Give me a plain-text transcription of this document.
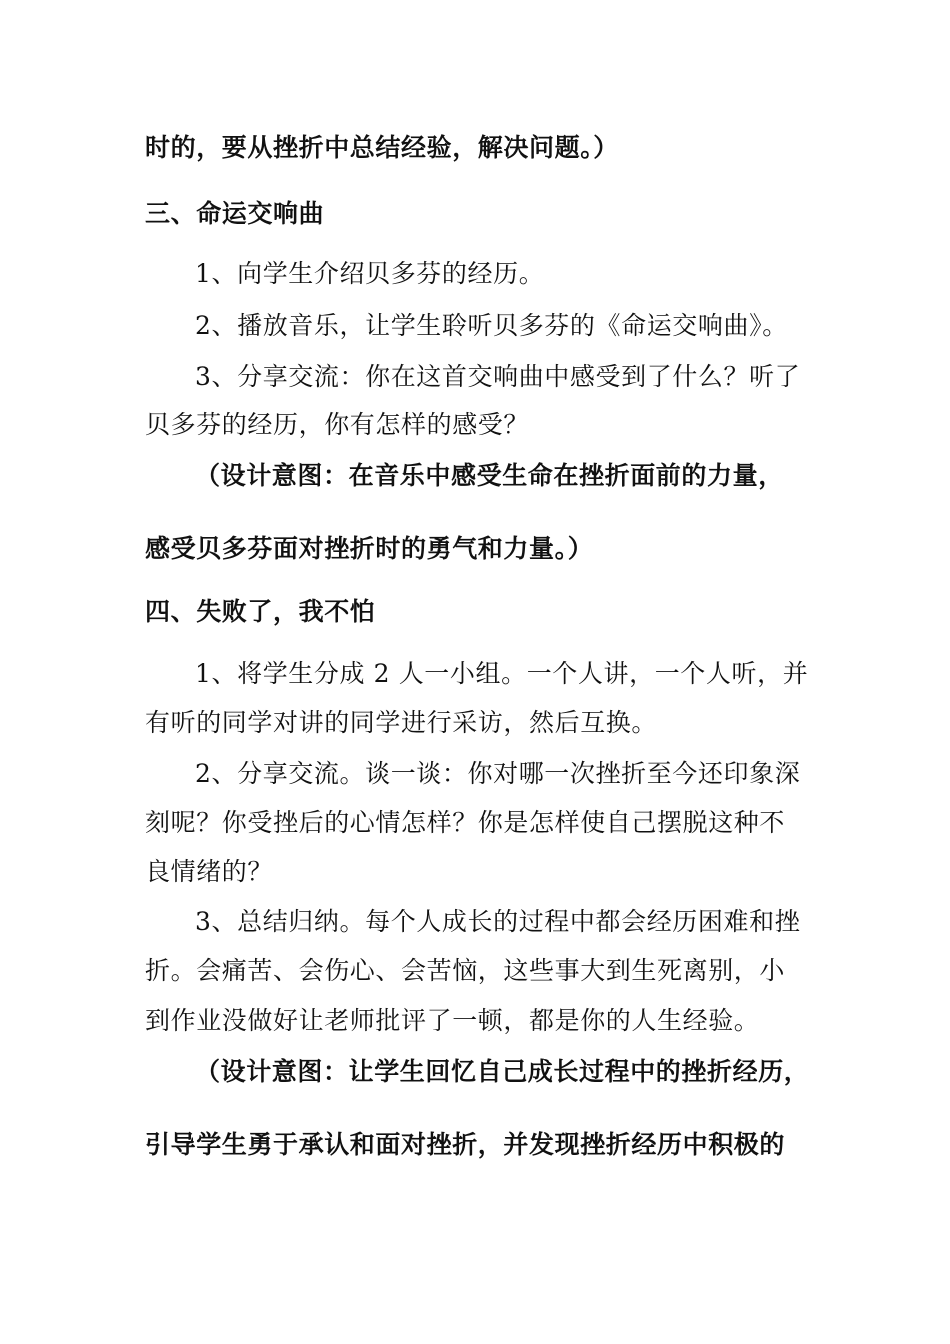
时的，要从挫折中总结经验，解决问题。）
三、命运交响曲
1、向学生介绍贝多芬的经历。
2、播放音乐，让学生聆听贝多芬的《命运交响曲》。
3、分享交流：你在这首交响曲中感受到了什么？听了
贝多芬的经历，你有怎样的感受？
（设计意图：在音乐中感受生命在挫折面前的力量，
感受贝多芬面对挫折时的勇气和力量。）
四、失败了，我不怕
1、将学生分成 2 人一小组。一个人讲，一个人听，并
有听的同学对讲的同学进行采访，然后互换。
2、分享交流。谈一谈：你对哪一次挫折至今还印象深
刻呢？你受挫后的心情怎样？你是怎样使自己摆脱这种不
良情绪的？
3、总结归纳。每个人成长的过程中都会经历困难和挫
折。会痛苦、会伤心、会苦恼，这些事大到生死离别，小
到作业没做好让老师批评了一顿，都是你的人生经验。
（设计意图：让学生回忆自己成长过程中的挫折经历，
引导学生勇于承认和面对挫折，并发现挫折经历中积极的
